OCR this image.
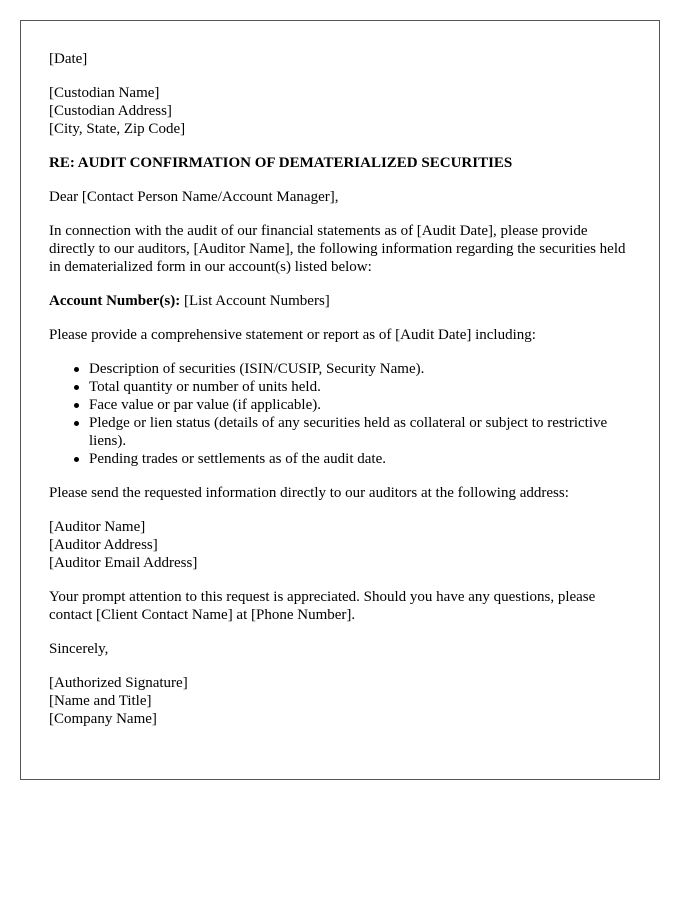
[Date]
[Custodian Name]
[Custodian Address]
[City, State, Zip Code]
RE: AUDIT CONFIRMATION OF DEMATERIALIZED SECURITIES
Dear [Contact Person Name/Account Manager],
In connection with the audit of our financial statements as of [Audit Date], please provide directly to our auditors, [Auditor Name], the following information regarding the securities held in dematerialized form in our account(s) listed below:
Account Number(s): [List Account Numbers]
Please provide a comprehensive statement or report as of [Audit Date] including:
Description of securities (ISIN/CUSIP, Security Name).
Total quantity or number of units held.
Face value or par value (if applicable).
Pledge or lien status (details of any securities held as collateral or subject to restrictive liens).
Pending trades or settlements as of the audit date.
Please send the requested information directly to our auditors at the following address:
[Auditor Name]
[Auditor Address]
[Auditor Email Address]
Your prompt attention to this request is appreciated. Should you have any questions, please contact [Client Contact Name] at [Phone Number].
Sincerely,
[Authorized Signature]
[Name and Title]
[Company Name]
